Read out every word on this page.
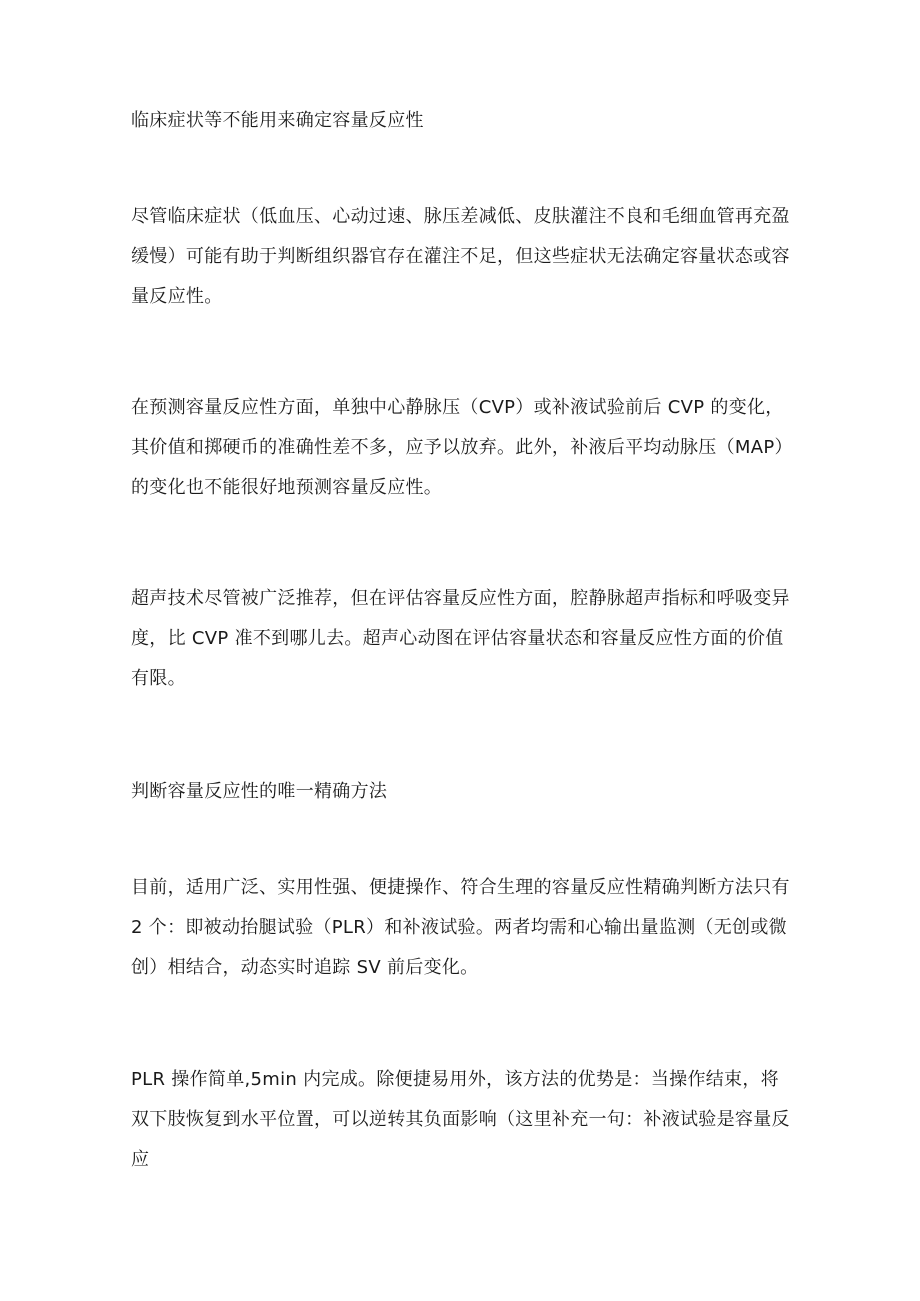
临床症状等不能用来确定容量反应性

尽管临床症状（低血压、心动过速、脉压差减低、皮肤灌注不良和毛细血管再充盈缓慢）可能有助于判断组织器官存在灌注不足，但这些症状无法确定容量状态或容量反应性。

在预测容量反应性方面，单独中心静脉压（CVP）或补液试验前后 CVP 的变化，其价值和掷硬币的准确性差不多，应予以放弃。此外，补液后平均动脉压（MAP）的变化也不能很好地预测容量反应性。

超声技术尽管被广泛推荐，但在评估容量反应性方面，腔静脉超声指标和呼吸变异度，比 CVP 准不到哪儿去。超声心动图在评估容量状态和容量反应性方面的价值有限。

判断容量反应性的唯一精确方法

目前，适用广泛、实用性强、便捷操作、符合生理的容量反应性精确判断方法只有 2 个：即被动抬腿试验（PLR）和补液试验。两者均需和心输出量监测（无创或微创）相结合，动态实时追踪 SV 前后变化。

PLR 操作简单,5min 内完成。除便捷易用外，该方法的优势是：当操作结束，将双下肢恢复到水平位置，可以逆转其负面影响（这里补充一句：补液试验是容量反应
